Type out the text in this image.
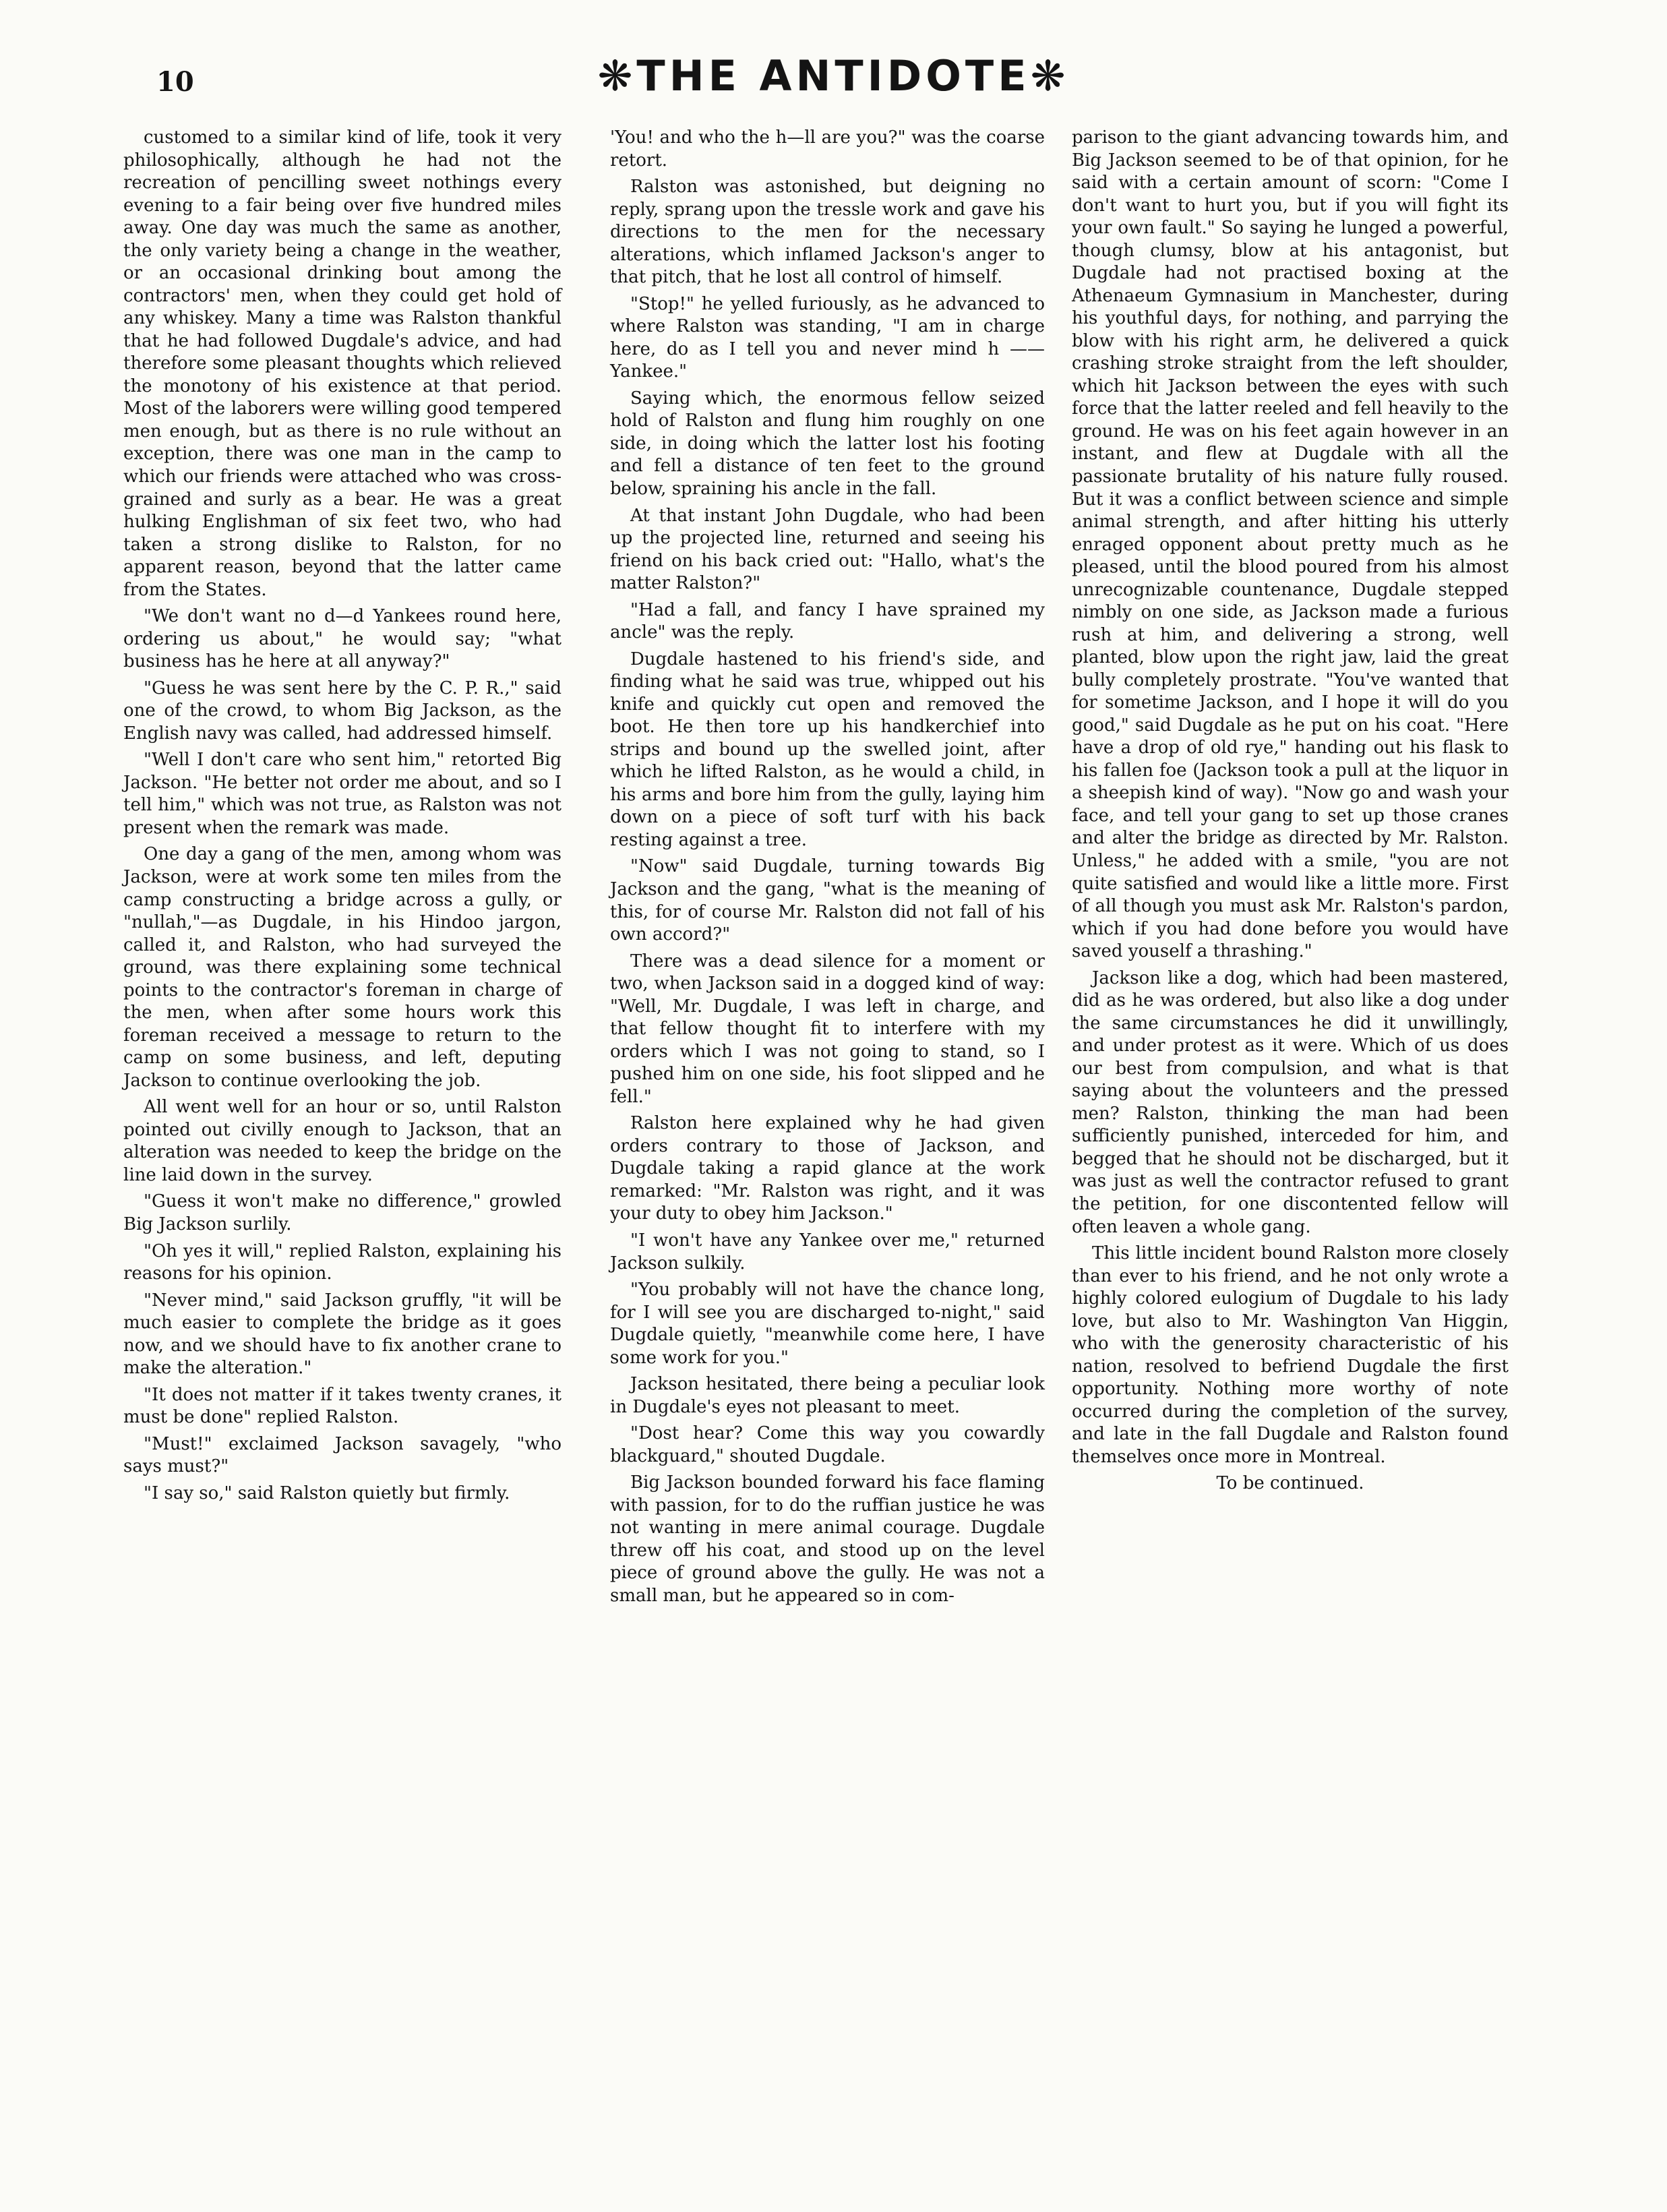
10	❋THE ANTIDOTE❋

customed to a similar kind of life, took it very philosophically, although he had not the recreation of pencilling sweet nothings every evening to a fair being over five hundred miles away. One day was much the same as another, the only variety being a change in the weather, or an occasional drinking bout among the contractors' men, when they could get hold of any whiskey. Many a time was Ralston thankful that he had followed Dugdale's advice, and had therefore some pleasant thoughts which relieved the monotony of his existence at that period. Most of the laborers were willing good tempered men enough, but as there is no rule without an exception, there was one man in the camp to which our friends were attached who was cross-grained and surly as a bear. He was a great hulking Englishman of six feet two, who had taken a strong dislike to Ralston, for no apparent reason, beyond that the latter came from the States.

"We don't want no d—d Yankees round here, ordering us about," he would say; "what business has he here at all anyway?"

"Guess he was sent here by the C. P. R.," said one of the crowd, to whom Big Jackson, as the English navy was called, had addressed himself.

"Well I don't care who sent him," retorted Big Jackson. "He better not order me about, and so I tell him," which was not true, as Ralston was not present when the remark was made.

One day a gang of the men, among whom was Jackson, were at work some ten miles from the camp constructing a bridge across a gully, or "nullah,"—as Dugdale, in his Hindoo jargon, called it, and Ralston, who had surveyed the ground, was there explaining some technical points to the contractor's foreman in charge of the men, when after some hours work this foreman received a message to return to the camp on some business, and left, deputing Jackson to continue overlooking the job.

All went well for an hour or so, until Ralston pointed out civilly enough to Jackson, that an alteration was needed to keep the bridge on the line laid down in the survey.

"Guess it won't make no difference," growled Big Jackson surlily.

"Oh yes it will," replied Ralston, explaining his reasons for his opinion.

"Never mind," said Jackson gruffly, "it will be much easier to complete the bridge as it goes now, and we should have to fix another crane to make the alteration."

"It does not matter if it takes twenty cranes, it must be done" replied Ralston.

"Must!" exclaimed Jackson savagely, "who says must?"

"I say so," said Ralston quietly but firmly.

'You! and who the h—ll are you?" was the coarse retort.

Ralston was astonished, but deigning no reply, sprang upon the tressle work and gave his directions to the men for the necessary alterations, which inflamed Jackson's anger to that pitch, that he lost all control of himself.

"Stop!" he yelled furiously, as he advanced to where Ralston was standing, "I am in charge here, do as I tell you and never mind h —— Yankee."

Saying which, the enormous fellow seized hold of Ralston and flung him roughly on one side, in doing which the latter lost his footing and fell a distance of ten feet to the ground below, spraining his ancle in the fall.

At that instant John Dugdale, who had been up the projected line, returned and seeing his friend on his back cried out: "Hallo, what's the matter Ralston?"

"Had a fall, and fancy I have sprained my ancle" was the reply.

Dugdale hastened to his friend's side, and finding what he said was true, whipped out his knife and quickly cut open and removed the boot. He then tore up his handkerchief into strips and bound up the swelled joint, after which he lifted Ralston, as he would a child, in his arms and bore him from the gully, laying him down on a piece of soft turf with his back resting against a tree.

"Now" said Dugdale, turning towards Big Jackson and the gang, "what is the meaning of this, for of course Mr. Ralston did not fall of his own accord?"

There was a dead silence for a moment or two, when Jackson said in a dogged kind of way: "Well, Mr. Dugdale, I was left in charge, and that fellow thought fit to interfere with my orders which I was not going to stand, so I pushed him on one side, his foot slipped and he fell."

Ralston here explained why he had given orders contrary to those of Jackson, and Dugdale taking a rapid glance at the work remarked: "Mr. Ralston was right, and it was your duty to obey him Jackson."

"I won't have any Yankee over me," returned Jackson sulkily.

"You probably will not have the chance long, for I will see you are discharged to-night," said Dugdale quietly, "meanwhile come here, I have some work for you."

Jackson hesitated, there being a peculiar look in Dugdale's eyes not pleasant to meet.

"Dost hear? Come this way you cowardly blackguard," shouted Dugdale.

Big Jackson bounded forward his face flaming with passion, for to do the ruffian justice he was not wanting in mere animal courage. Dugdale threw off his coat, and stood up on the level piece of ground above the gully. He was not a small man, but he appeared so in com-

parison to the giant advancing towards him, and Big Jackson seemed to be of that opinion, for he said with a certain amount of scorn: "Come I don't want to hurt you, but if you will fight its your own fault." So saying he lunged a powerful, though clumsy, blow at his antagonist, but Dugdale had not practised boxing at the Athenaeum Gymnasium in Manchester, during his youthful days, for nothing, and parrying the blow with his right arm, he delivered a quick crashing stroke straight from the left shoulder, which hit Jackson between the eyes with such force that the latter reeled and fell heavily to the ground. He was on his feet again however in an instant, and flew at Dugdale with all the passionate brutality of his nature fully roused. But it was a conflict between science and simple animal strength, and after hitting his utterly enraged opponent about pretty much as he pleased, until the blood poured from his almost unrecognizable countenance, Dugdale stepped nimbly on one side, as Jackson made a furious rush at him, and delivering a strong, well planted, blow upon the right jaw, laid the great bully completely prostrate. "You've wanted that for sometime Jackson, and I hope it will do you good," said Dugdale as he put on his coat. "Here have a drop of old rye," handing out his flask to his fallen foe (Jackson took a pull at the liquor in a sheepish kind of way). "Now go and wash your face, and tell your gang to set up those cranes and alter the bridge as directed by Mr. Ralston. Unless," he added with a smile, "you are not quite satisfied and would like a little more. First of all though you must ask Mr. Ralston's pardon, which if you had done before you would have saved youself a thrashing."

Jackson like a dog, which had been mastered, did as he was ordered, but also like a dog under the same circumstances he did it unwillingly, and under protest as it were. Which of us does our best from compulsion, and what is that saying about the volunteers and the pressed men? Ralston, thinking the man had been sufficiently punished, interceded for him, and begged that he should not be discharged, but it was just as well the contractor refused to grant the petition, for one discontented fellow will often leaven a whole gang.

This little incident bound Ralston more closely than ever to his friend, and he not only wrote a highly colored eulogium of Dugdale to his lady love, but also to Mr. Washington Van Higgin, who with the generosity characteristic of his nation, resolved to befriend Dugdale the first opportunity. Nothing more worthy of note occurred during the completion of the survey, and late in the fall Dugdale and Ralston found themselves once more in Montreal.

To be continued.
